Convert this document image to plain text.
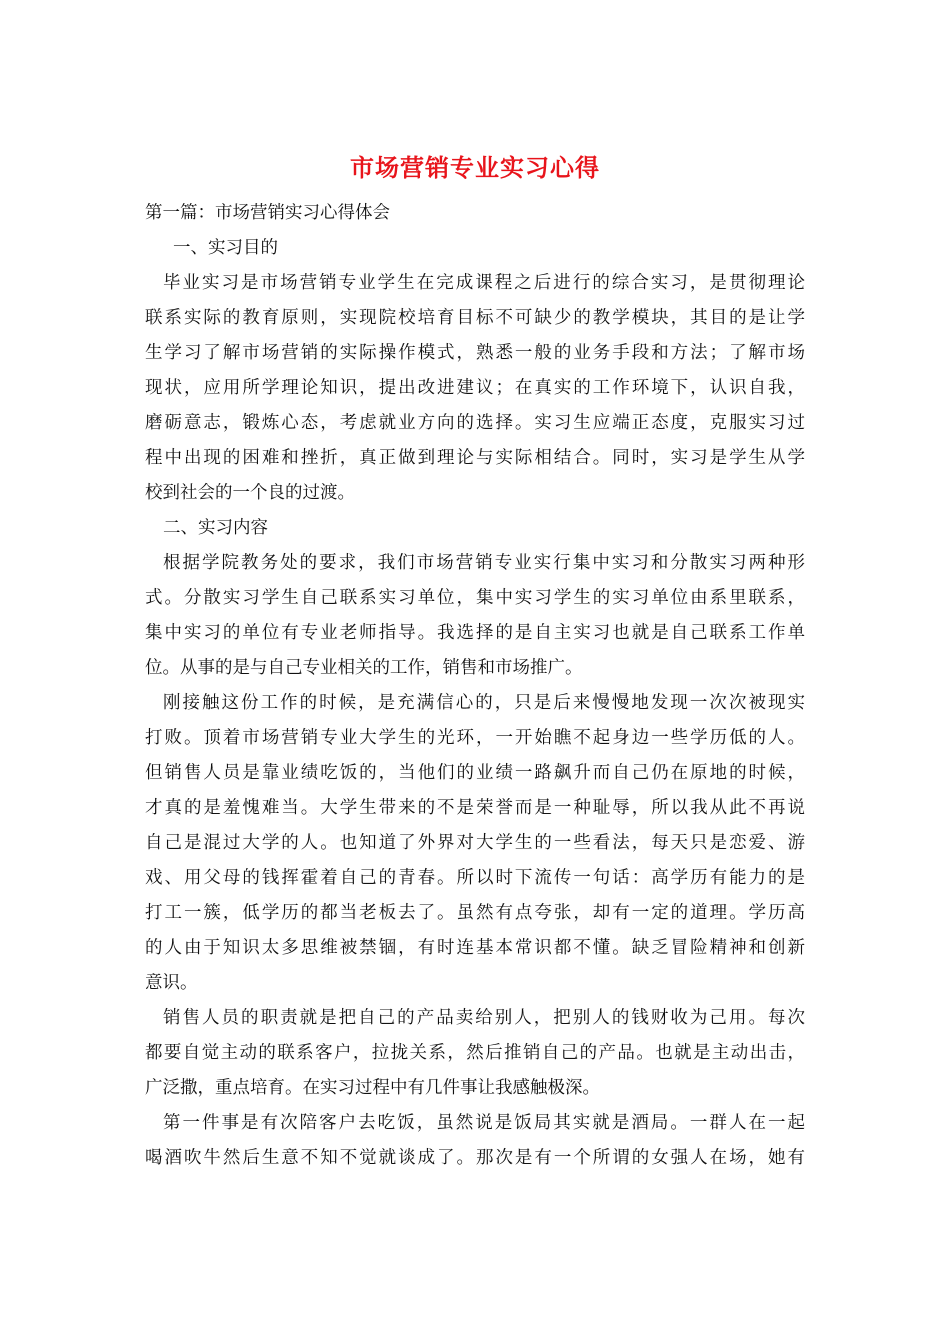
市场营销专业实习心得
第一篇：市场营销实习心得体会
一、实习目的
毕业实习是市场营销专业学生在完成课程之后进行的综合实习，是贯彻理论
联系实际的教育原则，实现院校培育目标不可缺少的教学模块，其目的是让学
生学习了解市场营销的实际操作模式，熟悉一般的业务手段和方法；了解市场
现状，应用所学理论知识，提出改进建议；在真实的工作环境下，认识自我，
磨砺意志，锻炼心态，考虑就业方向的选择。实习生应端正态度，克服实习过
程中出现的困难和挫折，真正做到理论与实际相结合。同时，实习是学生从学
校到社会的一个良的过渡。
二、实习内容
根据学院教务处的要求，我们市场营销专业实行集中实习和分散实习两种形
式。分散实习学生自己联系实习单位，集中实习学生的实习单位由系里联系，
集中实习的单位有专业老师指导。我选择的是自主实习也就是自己联系工作单
位。从事的是与自己专业相关的工作，销售和市场推广。
刚接触这份工作的时候，是充满信心的，只是后来慢慢地发现一次次被现实
打败。顶着市场营销专业大学生的光环，一开始瞧不起身边一些学历低的人。
但销售人员是靠业绩吃饭的，当他们的业绩一路飙升而自己仍在原地的时候，
才真的是羞愧难当。大学生带来的不是荣誉而是一种耻辱，所以我从此不再说
自己是混过大学的人。也知道了外界对大学生的一些看法，每天只是恋爱、游
戏、用父母的钱挥霍着自己的青春。所以时下流传一句话：高学历有能力的是
打工一簇，低学历的都当老板去了。虽然有点夸张，却有一定的道理。学历高
的人由于知识太多思维被禁锢，有时连基本常识都不懂。缺乏冒险精神和创新
意识。
销售人员的职责就是把自己的产品卖给别人，把别人的钱财收为己用。每次
都要自觉主动的联系客户，拉拢关系，然后推销自己的产品。也就是主动出击，
广泛撒，重点培育。在实习过程中有几件事让我感触极深。
第一件事是有次陪客户去吃饭，虽然说是饭局其实就是酒局。一群人在一起
喝酒吹牛然后生意不知不觉就谈成了。那次是有一个所谓的女强人在场，她有
